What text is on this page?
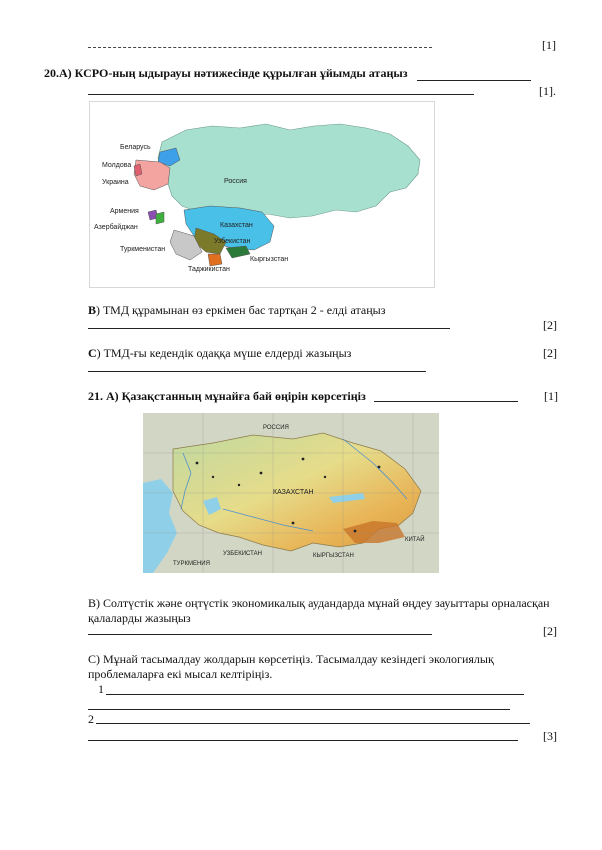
[1]
20.А) КСРО-ның ыдырауы нәтижесінде құрылған ұйымды атаңыз
[1].
Беларусь
Молдова
Украина	Россия
Армения
Азербайджан	Казахстан
Узбекистан
Туркменистан
Кыргызстан
Таджикистан
В) ТМД құрамынан өз еркімен бас тартқан 2 - елді атаңыз
[2]
С) ТМД-ғы кедендік одаққа мүше елдерді жазыңыз	[2]
21. А) Қазақстанның мұнайға бай өңірін көрсетіңіз	[1]
РОССИЯ
КАЗАХСТАН
УЗБЕКИСТАН	КЫРГЫЗСТАН
КИТАЙ
ТУРКМЕНИЯ
В) Солтүстік және оңтүстік экономикалық аудандарда мұнай өңдеу зауыттары орналасқан
қалаларды жазыңыз
[2]
С) Мұнай тасымалдау жолдарын көрсетіңіз. Тасымалдау кезіндегі экологиялық
проблемаларға екі мысал келтіріңіз.
1
2
[3]
